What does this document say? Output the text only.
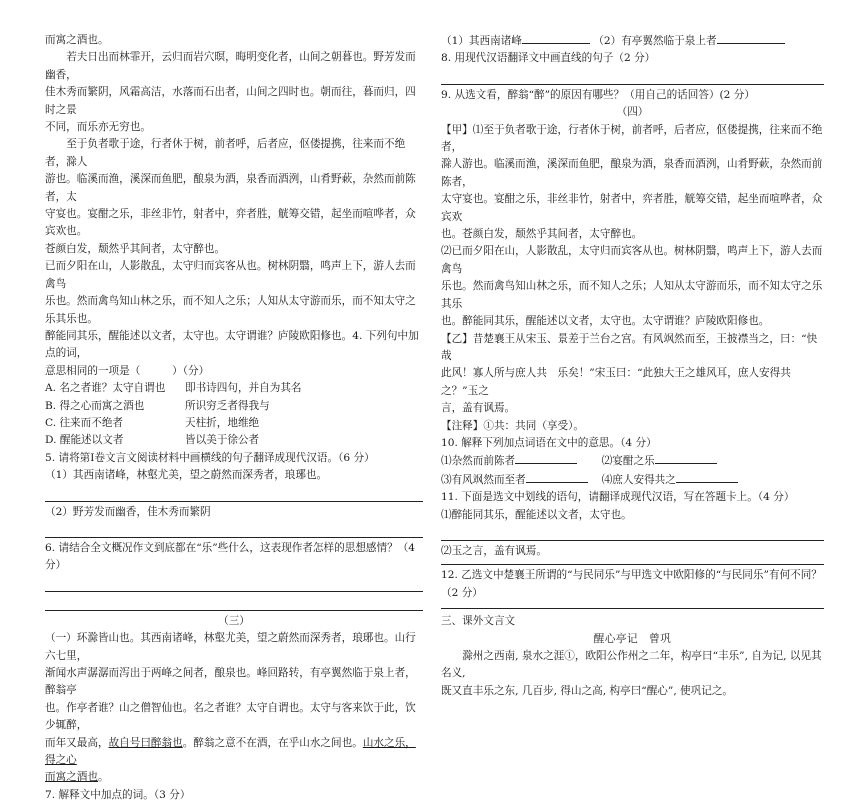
而寓之酒也。

若夫日出而林霏开，云归而岩穴暝，晦明变化者，山间之朝暮也。野芳发而幽香，

佳木秀而繁阴，风霜高洁，水落而石出者，山间之四时也。朝而往，暮而归，四时之景

不同，而乐亦无穷也。

至于负者歌于途，行者休于树，前者呼，后者应，伛偻提携，往来而不绝者，滁人

游也。临溪而渔，溪深而鱼肥，酿泉为酒，泉香而酒洌，山肴野蔌，杂然而前陈者，太

守宴也。宴酣之乐，非丝非竹，射者中，弈者胜，觥筹交错，起坐而喧哗者，众宾欢也。

苍颜白发，颓然乎其间者，太守醉也。

已而夕阳在山，人影散乱，太守归而宾客从也。树林阴翳，鸣声上下，游人去而禽鸟

乐也。然而禽鸟知山林之乐，而不知人之乐；人知从太守游而乐，而不知太守之乐其乐也。

醉能同其乐，醒能述以文者，太守也。太守谓谁？庐陵欧阳修也。4. 下列句中加点的词，

意思相同的一项是（　　　）（分）

A. 名之者谁？太守自谓也	即书诗四句，并自为其名
B. 得之心而寓之酒也	所识穷乏者得我与
C. 往来而不绝者	天柱折，地维绝
D. 醒能述以文者	皆以美于徐公者

5. 请将第Ⅰ卷文言文阅读材料中画横线的句子翻译成现代汉语。（6 分）

（1）其西南诸峰，林壑尤美，望之蔚然而深秀者，琅琊也。

（2）野芳发而幽香，佳木秀而繁阴

6. 请结合全文概况作文到底都在“乐”些什么，这表现作者怎样的思想感情？（4 分）

（三）

（一）环滁皆山也。其西南诸峰，林壑尤美，望之蔚然而深秀者，琅琊也。山行六七里，

渐闻水声潺潺而泻出于两峰之间者，酿泉也。峰回路转，有亭翼然临于泉上者，醉翁亭

也。作亭者谁？山之僧智仙也。名之者谁？太守自谓也。太守与客来饮于此，饮少辄醉，

而年又最高，故自号曰醉翁也。醉翁之意不在酒，在乎山水之间也。山水之乐，得之心

而寓之酒也。

7. 解释文中加点的词。（3 分）

（1）其西南诸峰	（2）有亭翼然临于泉上者

8. 用现代汉语翻译文中画直线的句子（2 分）

9. 从选文看，醉翁“醉”的原因有哪些？（用自己的话回答）(2 分）

（四）

【甲】⑴至于负者歌于途，行者休于树，前者呼，后者应，伛偻提携，往来而不绝者，

滁人游也。临溪而渔，溪深而鱼肥，酿泉为酒，泉香而酒洌，山肴野蔌，杂然而前陈者，

太守宴也。宴酣之乐，非丝非竹，射者中，弈者胜，觥筹交错，起坐而喧哗者，众宾欢

也。苍颜白发，颓然乎其间者，太守醉也。

⑵已而夕阳在山，人影散乱，太守归而宾客从也。树林阴翳，鸣声上下，游人去而禽鸟

乐也。然而禽鸟知山林之乐，而不知人之乐；人知从太守游而乐，而不知太守之乐其乐

也。醉能同其乐，醒能述以文者，太守也。太守谓谁？庐陵欧阳修也。

【乙】昔楚襄王从宋玉、景差于兰台之宫。有风飒然而至，王披襟当之，曰：“快哉

此风！寡人所与庶人共　乐矣！”宋玉曰：“此独大王之雄风耳，庶人安得共之？”玉之

言，盖有讽焉。

【注释】①共：共同（享受）。

10. 解释下列加点词语在文中的意思。（4 分）

⑴杂然而前陈者 　　	⑵宴酣之乐

⑶有风飒然而至者 　	⑷庶人安得共之

11. 下面是选文中划线的语句，请翻译成现代汉语，写在答题卡上。（4 分）

⑴醉能同其乐，醒能述以文者，太守也。

⑵玉之言，盖有讽焉。

12. 乙选文中楚襄王所谓的“与民同乐”与甲选文中欧阳修的“与民同乐”有何不同？

（2 分）

三、课外文言文

醒心亭记　曾巩

滁州之西南, 泉水之涯①，欧阳公作州之二年，构亭曰“丰乐”, 自为记, 以见其名义,

既又直丰乐之东, 几百步, 得山之高, 构亭曰“醒心”, 使巩记之。
